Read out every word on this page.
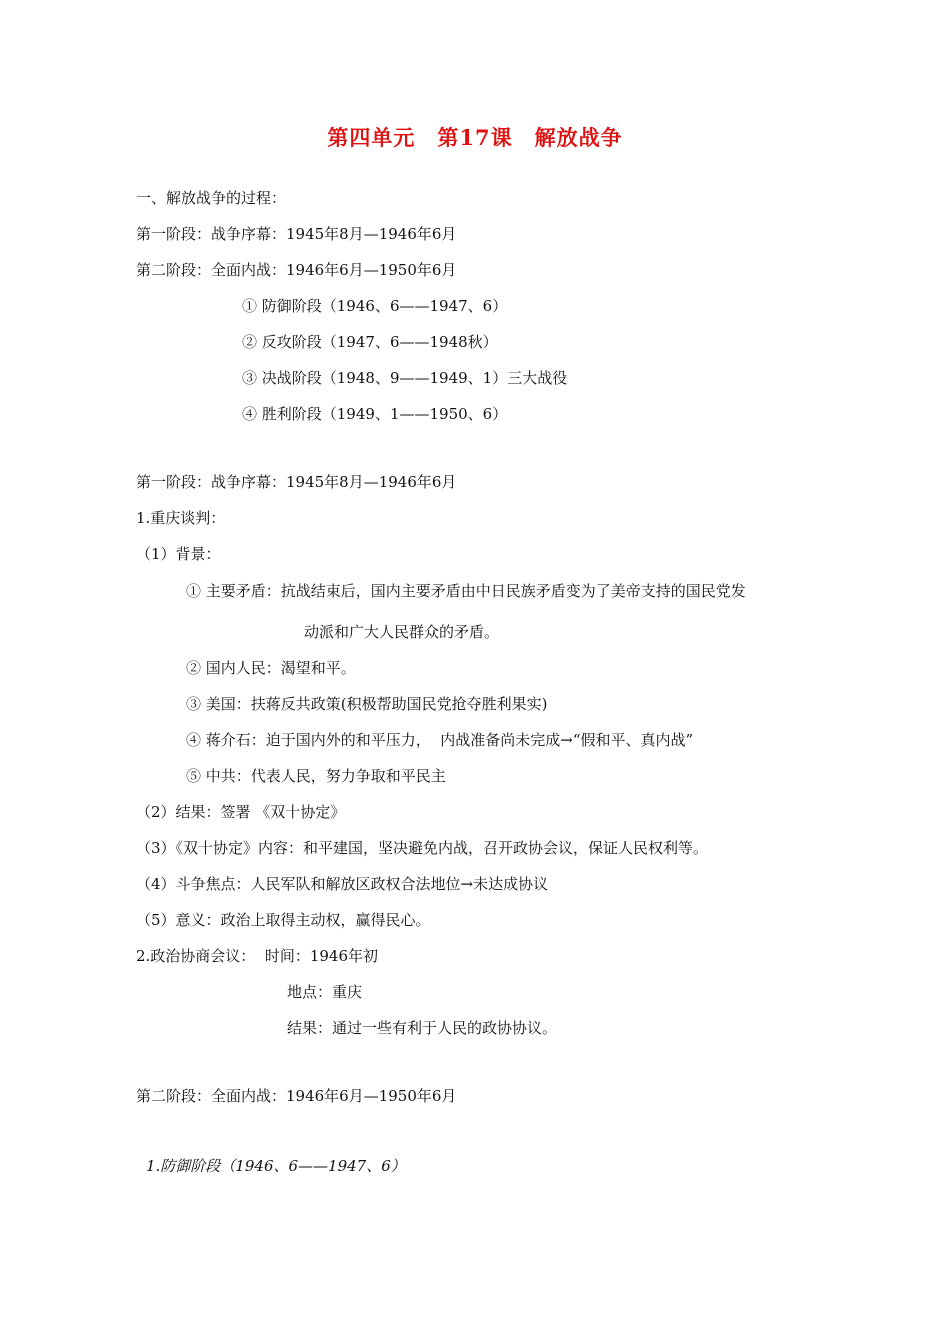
第四单元　第17课　解放战争
一、解放战争的过程：
第一阶段：战争序幕：1945年8月—1946年6月
第二阶段：全面内战：1946年6月—1950年6月
① 防御阶段（1946、6——1947、6）
② 反攻阶段（1947、6——1948秋）
③ 决战阶段（1948、9——1949、1）三大战役
④ 胜利阶段（1949、1——1950、6）
第一阶段：战争序幕：1945年8月—1946年6月
1.重庆谈判：
（1）背景：
① 主要矛盾：抗战结束后，国内主要矛盾由中日民族矛盾变为了美帝支持的国民党发
动派和广大人民群众的矛盾。
② 国内人民：渴望和平。
③ 美国：扶蒋反共政策(积极帮助国民党抢夺胜利果实)
④ 蒋介石：迫于国内外的和平压力，  内战准备尚未完成→“假和平、真内战”
⑤ 中共：代表人民，努力争取和平民主
（2）结果：签署 《双十协定》
（3）《双十协定》内容：和平建国，坚决避免内战，召开政协会议，保证人民权利等。
（4）斗争焦点：人民军队和解放区政权合法地位→未达成协议
（5）意义：政治上取得主动权，赢得民心。
2.政治协商会议：  时间：1946年初
地点：重庆
结果：通过一些有利于人民的政协协议。
第二阶段：全面内战：1946年6月—1950年6月
1.防御阶段（1946、6——1947、6）
